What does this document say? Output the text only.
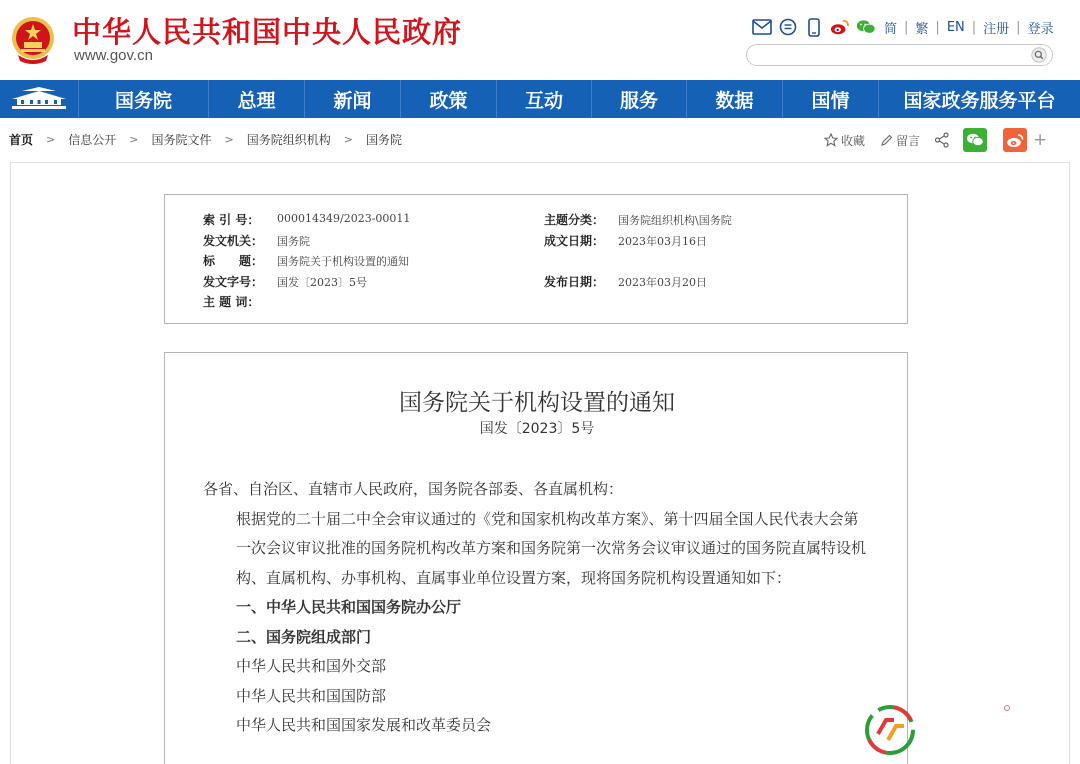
中华人民共和国中央人民政府
www.gov.cn
简 | 繁 | EN | 注册 | 登录
国务院	总理	新闻	政策	互动	服务	数据	国情	国家政务服务平台
首页 > 信息公开 > 国务院文件 > 国务院组织机构 > 国务院	收藏	留言	+
索 引 号：	000014349/2023-00011	主题分类：	国务院组织机构\国务院
发文机关：	国务院	成文日期：	2023年03月16日
标　　题：	国务院关于机构设置的通知
发文字号：	国发〔2023〕5号	发布日期：	2023年03月20日
主 题 词：
国务院关于机构设置的通知
国发〔2023〕5号

各省、自治区、直辖市人民政府，国务院各部委、各直属机构：

根据党的二十届二中全会审议通过的《党和国家机构改革方案》、第十四届全国人民代表大会第一次会议审议批准的国务院机构改革方案和国务院第一次常务会议审议通过的国务院直属特设机构、直属机构、办事机构、直属事业单位设置方案，现将国务院机构设置通知如下：

一、中华人民共和国国务院办公厅

二、国务院组成部门

中华人民共和国外交部

中华人民共和国国防部

中华人民共和国国家发展和改革委员会
